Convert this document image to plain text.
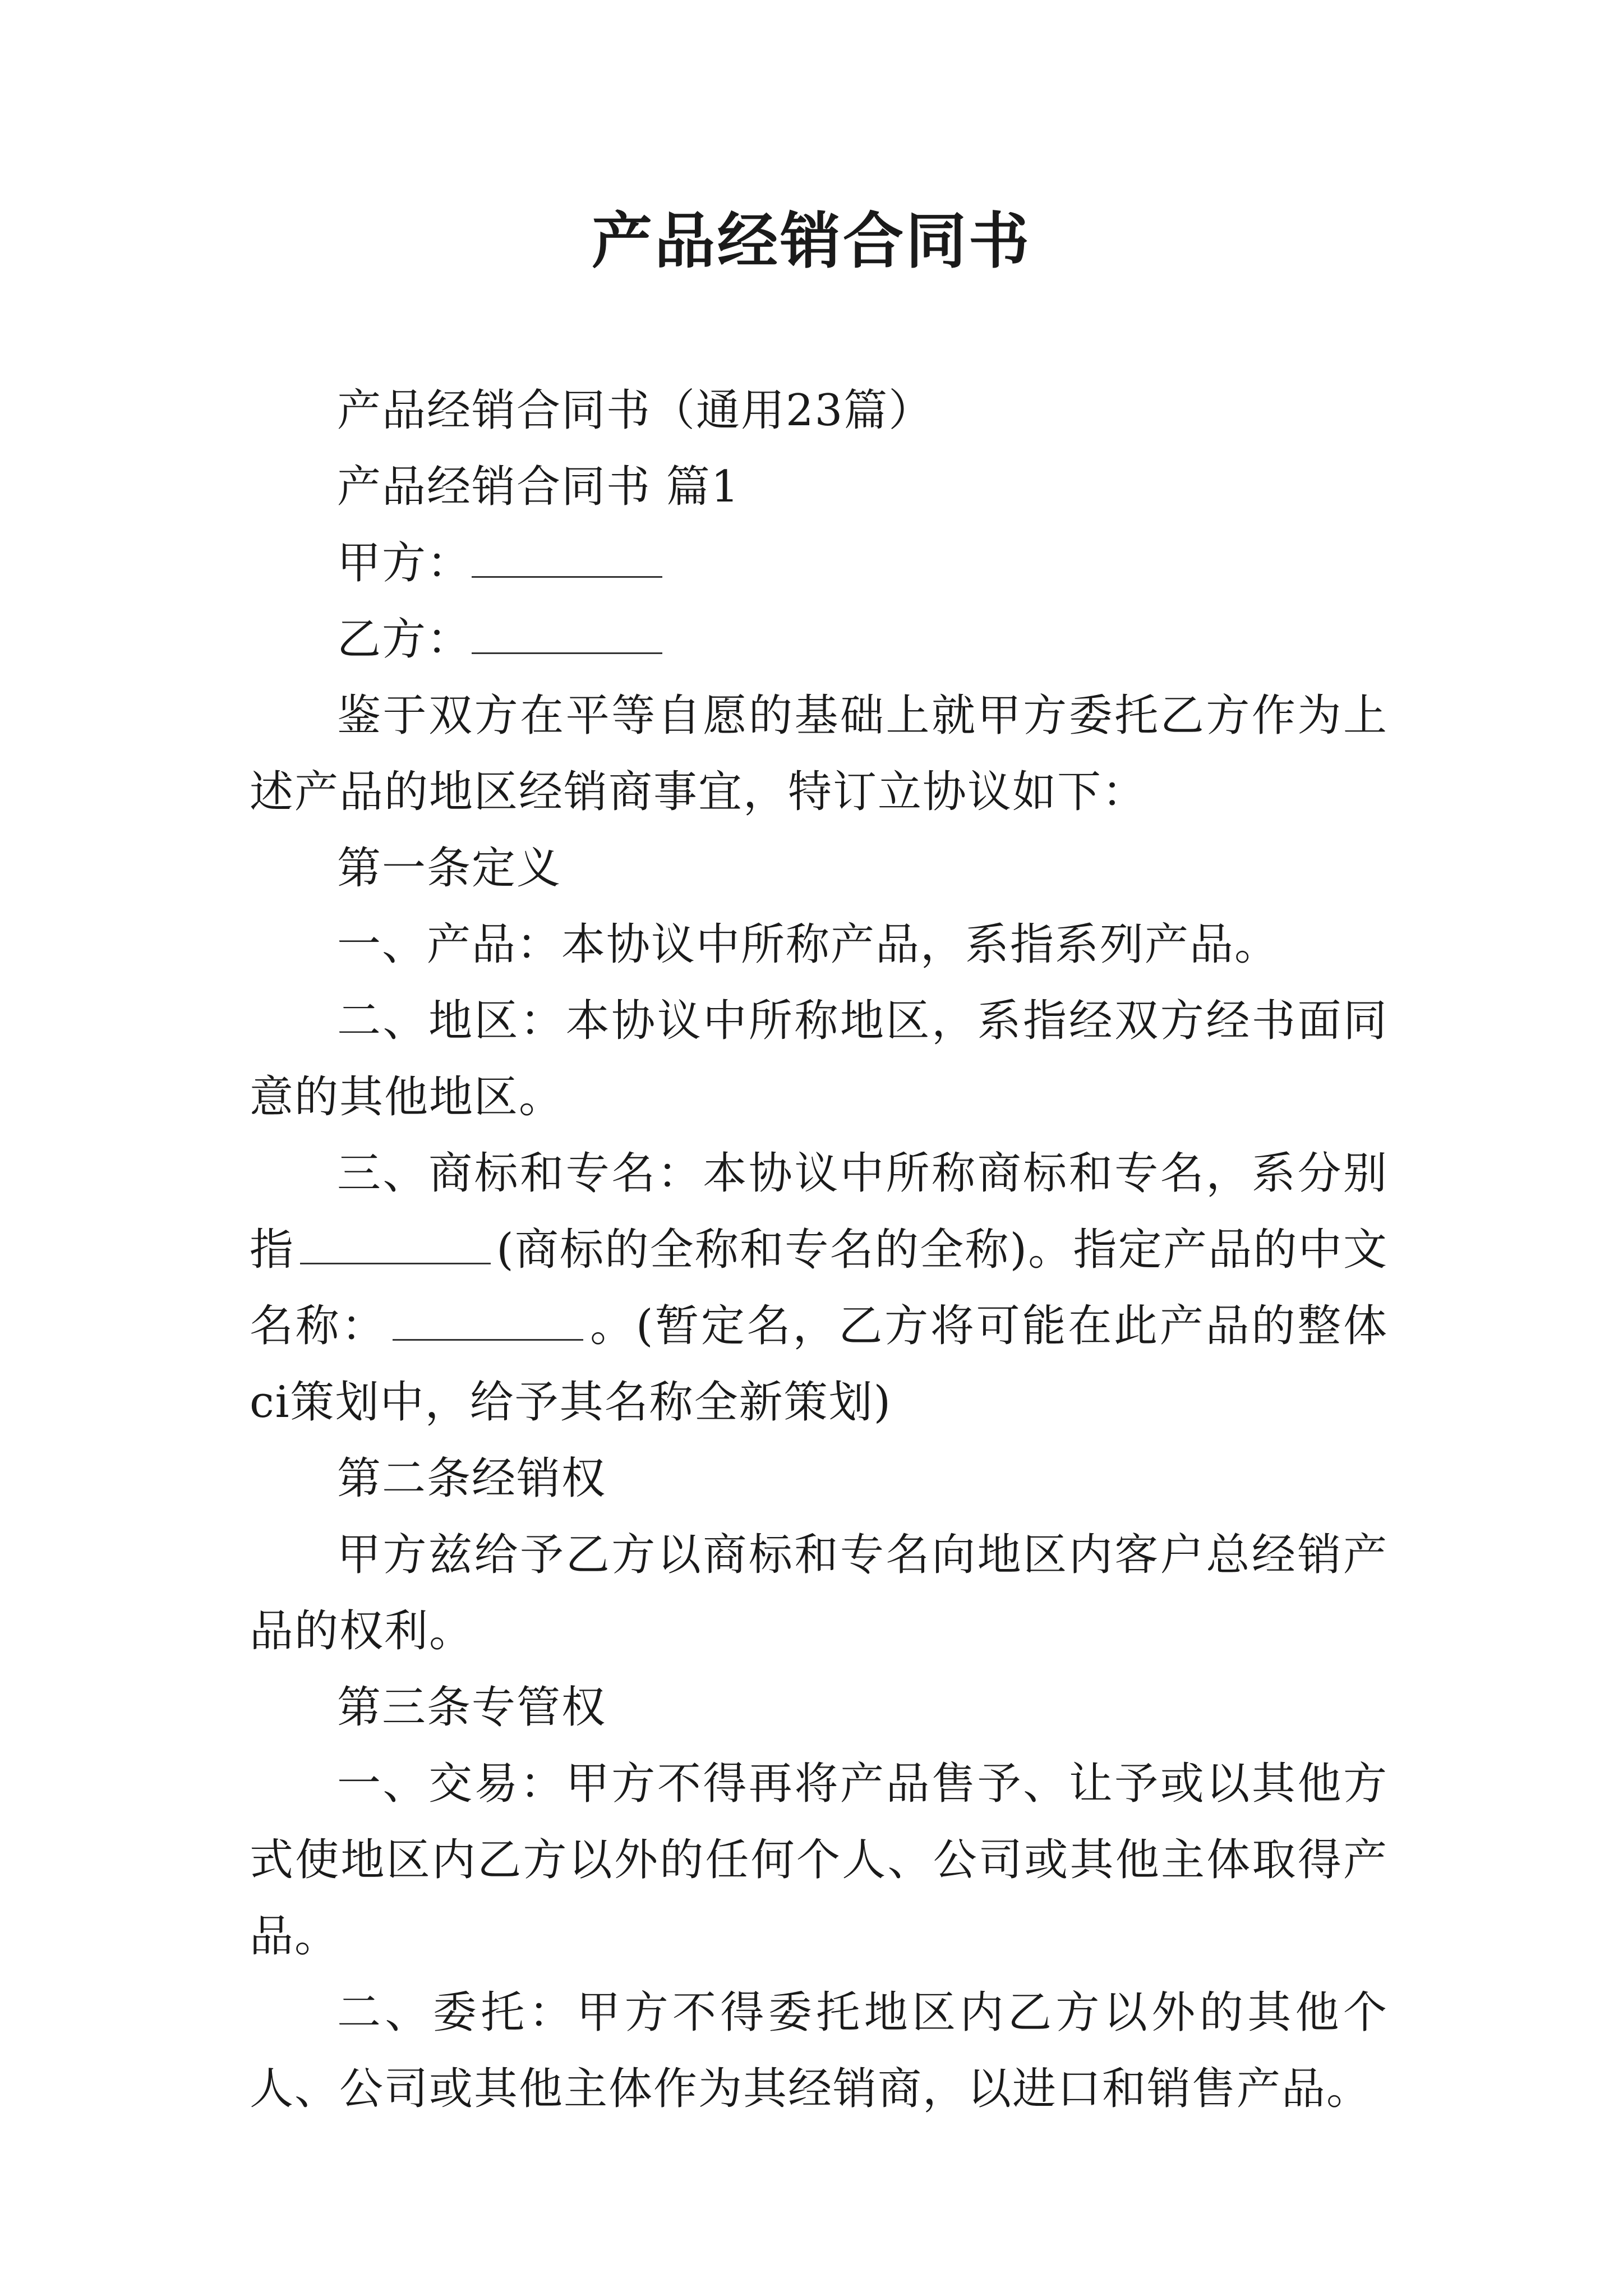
产品经销合同书

产品经销合同书（通用23篇）

产品经销合同书 篇1

甲方：

乙方：

鉴于双方在平等自愿的基础上就甲方委托乙方作为上述产品的地区经销商事宜，特订立协议如下：

第一条定义

一、产品：本协议中所称产品，系指系列产品。

二、地区：本协议中所称地区，系指经双方经书面同意的其他地区。

三、商标和专名：本协议中所称商标和专名，系分别指	(商标的全称和专名的全称)。指定产品的中文名称：	。(暂定名，乙方将可能在此产品的整体ci策划中，给予其名称全新策划)

第二条经销权

甲方兹给予乙方以商标和专名向地区内客户总经销产品的权利。

第三条专管权

一、交易：甲方不得再将产品售予、让予或以其他方式使地区内乙方以外的任何个人、公司或其他主体取得产品。

二、委托：甲方不得委托地区内乙方以外的其他个人、公司或其他主体作为其经销商，以进口和销售产品。
